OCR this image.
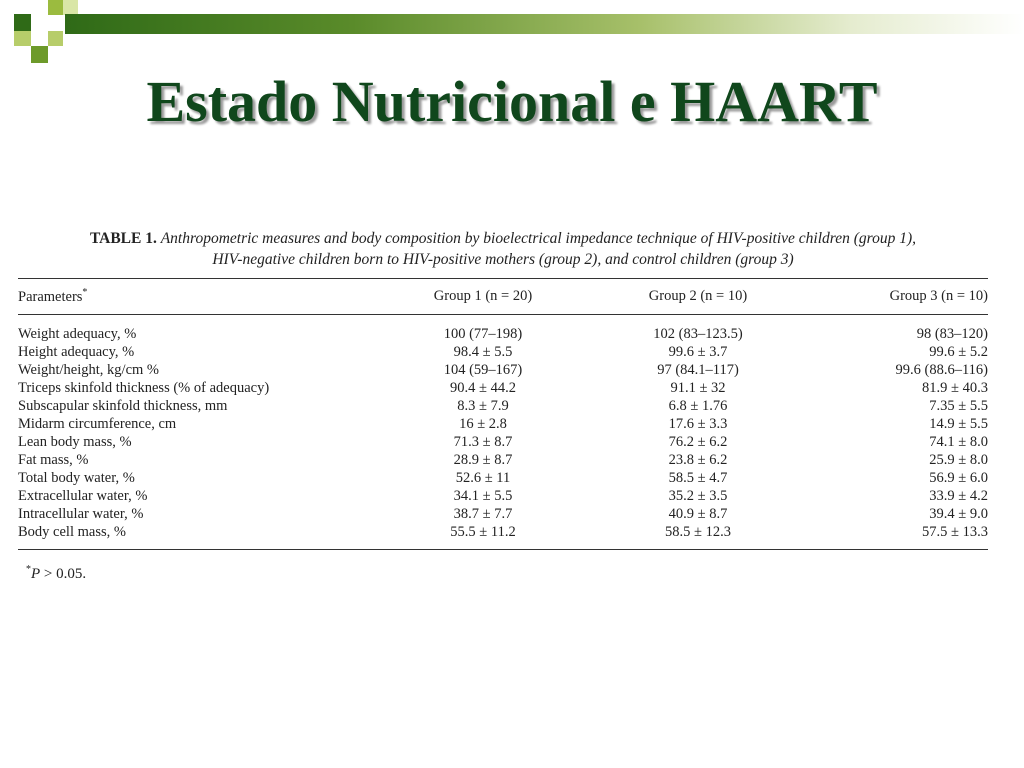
Estado Nutricional e HAART

TABLE 1. Anthropometric measures and body composition by bioelectrical impedance technique of HIV-positive children (group 1),
HIV-negative children born to HIV-positive mothers (group 2), and control children (group 3)

Parameters*	Group 1 (n = 20)	Group 2 (n = 10)	Group 3 (n = 10)
Weight adequacy, %	100 (77–198)	102 (83–123.5)	98 (83–120)
Height adequacy, %	98.4 ± 5.5	99.6 ± 3.7	99.6 ± 5.2
Weight/height, kg/cm %	104 (59–167)	97 (84.1–117)	99.6 (88.6–116)
Triceps skinfold thickness (% of adequacy)	90.4 ± 44.2	91.1 ± 32	81.9 ± 40.3
Subscapular skinfold thickness, mm	8.3 ± 7.9	6.8 ± 1.76	7.35 ± 5.5
Midarm circumference, cm	16 ± 2.8	17.6 ± 3.3	14.9 ± 5.5
Lean body mass, %	71.3 ± 8.7	76.2 ± 6.2	74.1 ± 8.0
Fat mass, %	28.9 ± 8.7	23.8 ± 6.2	25.9 ± 8.0
Total body water, %	52.6 ± 11	58.5 ± 4.7	56.9 ± 6.0
Extracellular water, %	34.1 ± 5.5	35.2 ± 3.5	33.9 ± 4.2
Intracellular water, %	38.7 ± 7.7	40.9 ± 8.7	39.4 ± 9.0
Body cell mass, %	55.5 ± 11.2	58.5 ± 12.3	57.5 ± 13.3
*P > 0.05.
